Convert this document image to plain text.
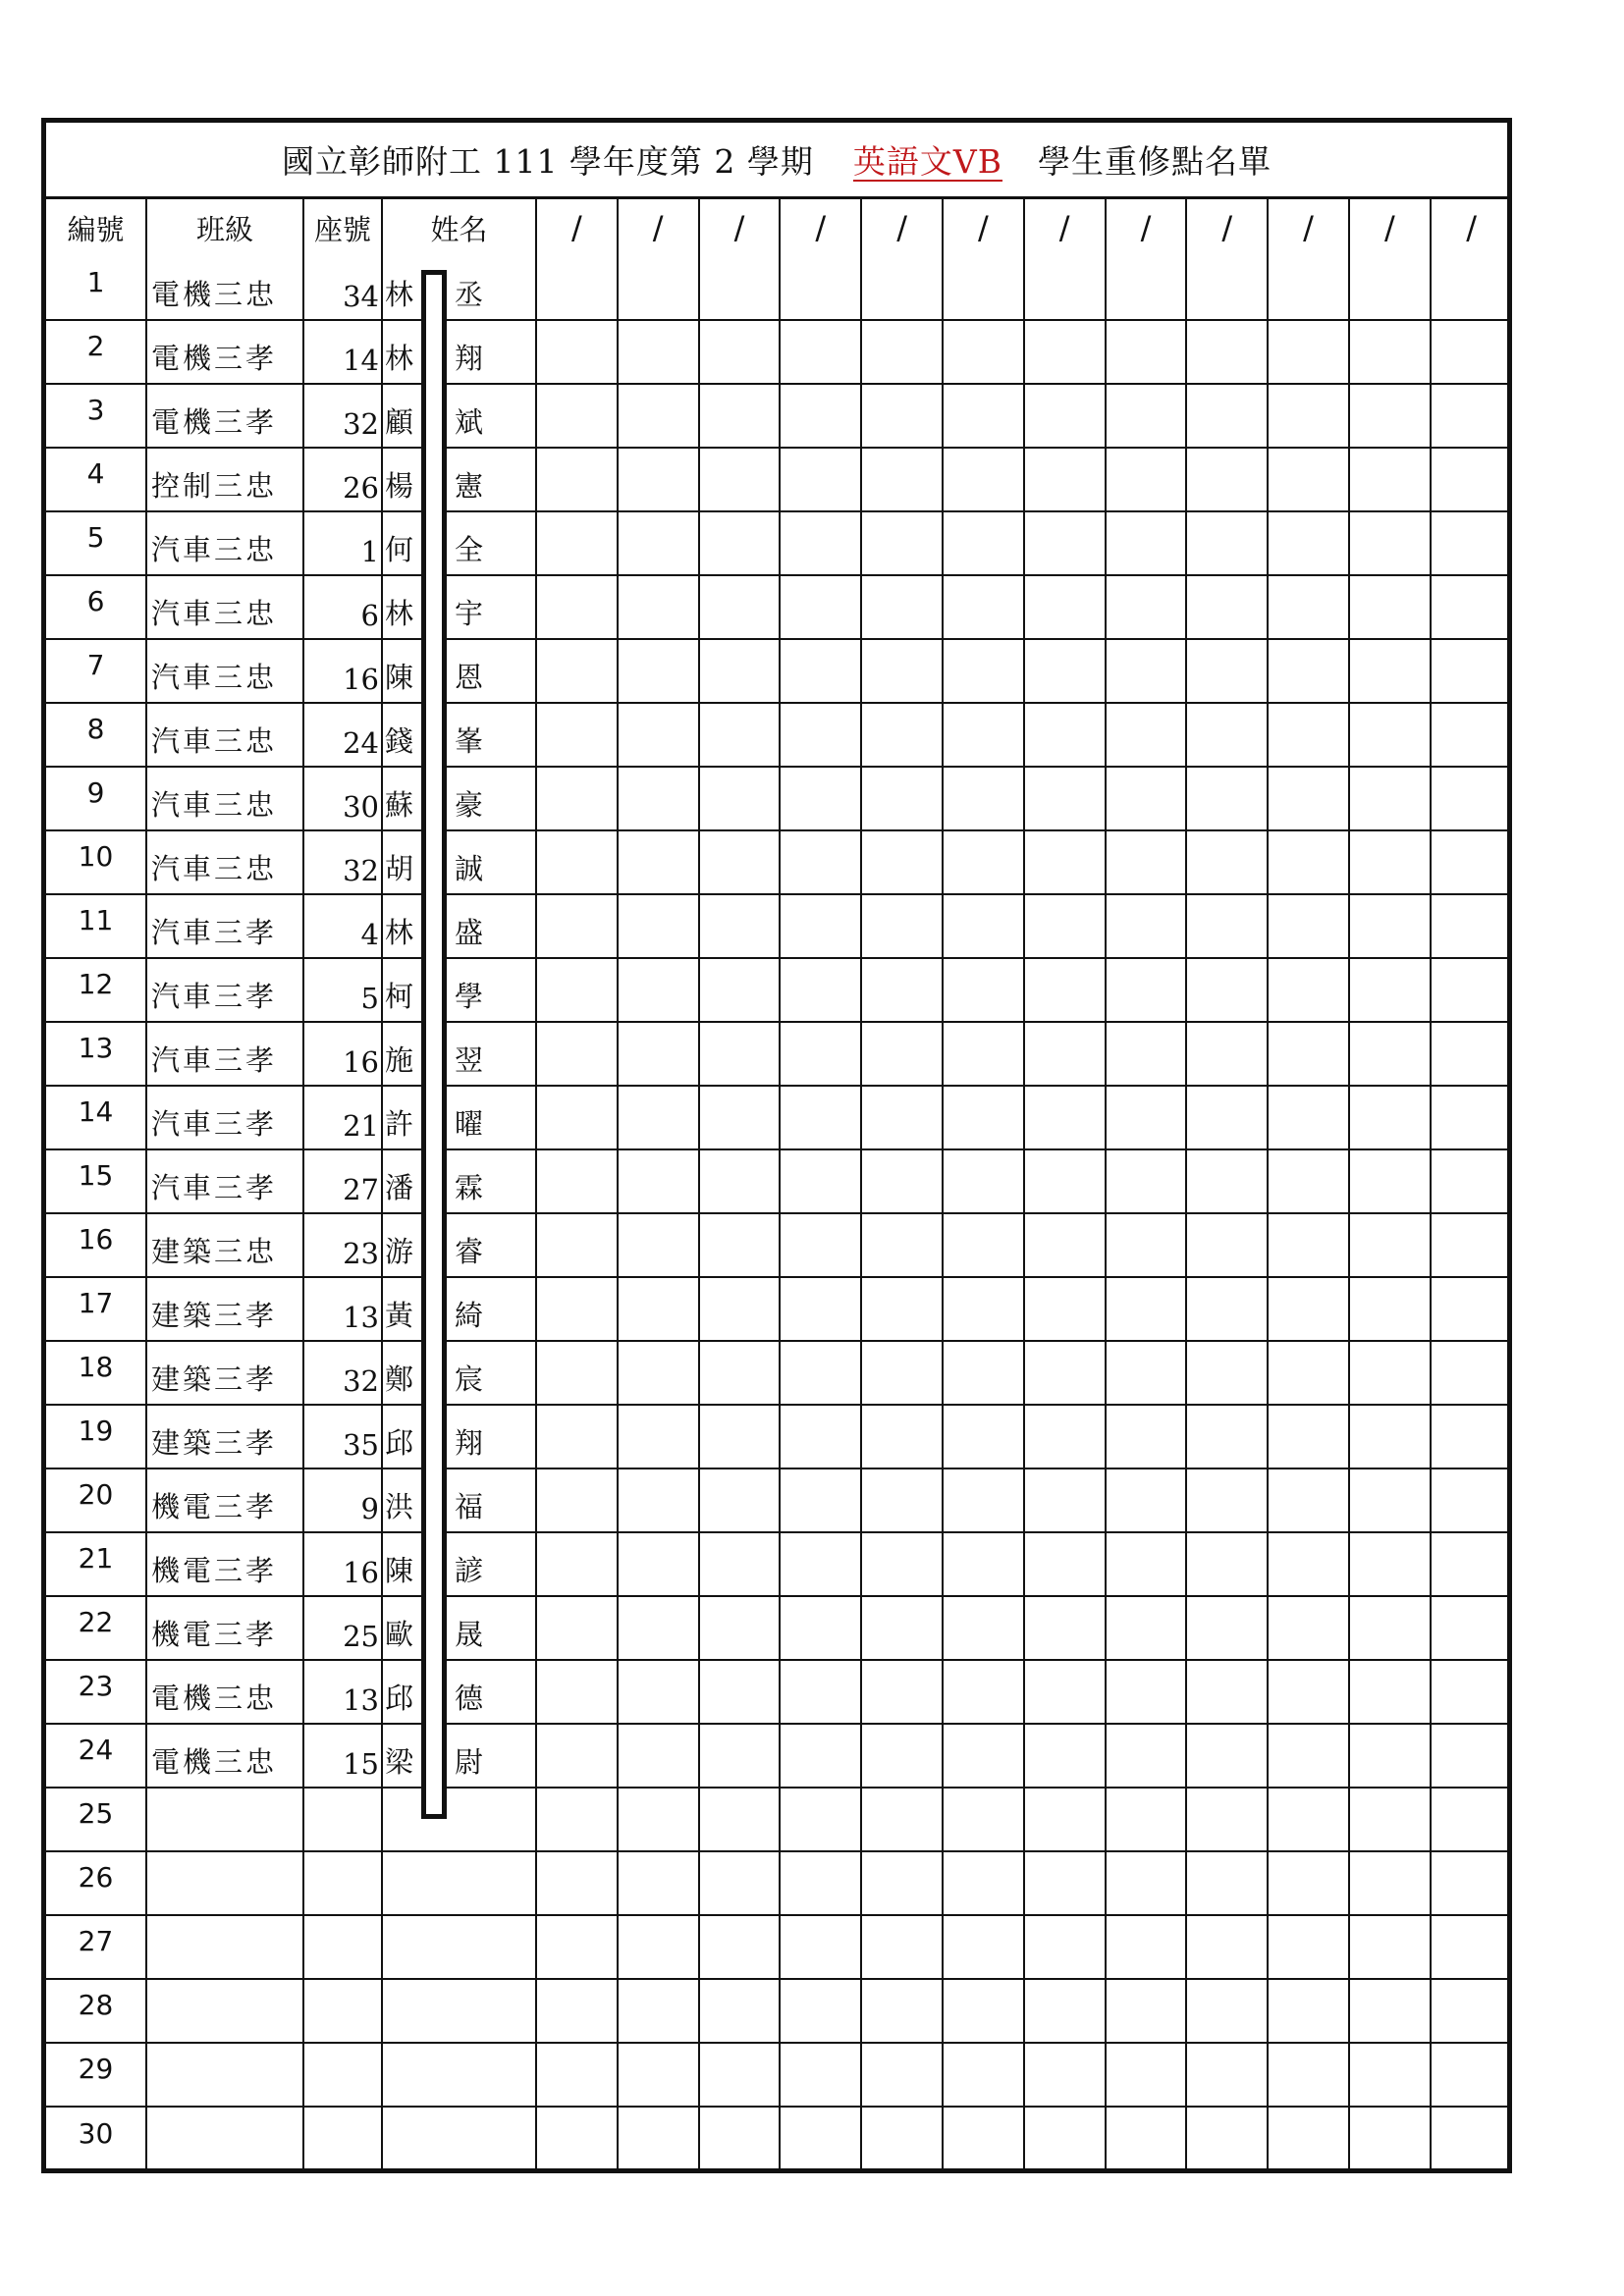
國立彰師附工 111 學年度第 2 學期 英語文ⅤB 學生重修點名單
編號	班級	座號	姓名	/	/	/	/	/	/	/	/	/	/	/	/
1	電機三忠	34	林 丞												

2	電機三孝	14	林 翔												

3	電機三孝	32	顧 斌												

4	控制三忠	26	楊 憲												

5	汽車三忠	1	何 全												

6	汽車三忠	6	林 宇												

7	汽車三忠	16	陳 恩												

8	汽車三忠	24	錢 峯												

9	汽車三忠	30	蘇 豪												

10	汽車三忠	32	胡 誠												

11	汽車三孝	4	林 盛												

12	汽車三孝	5	柯 學												

13	汽車三孝	16	施 翌												

14	汽車三孝	21	許 曜												

15	汽車三孝	27	潘 霖												

16	建築三忠	23	游 睿												

17	建築三孝	13	黃 綺												

18	建築三孝	32	鄭 宸												

19	建築三孝	35	邱 翔												

20	機電三孝	9	洪 福												

21	機電三孝	16	陳 諺												

22	機電三孝	25	歐 晟												

23	電機三忠	13	邱 德												

24	電機三忠	15	梁 尉												

25			

26			

27			

28			

29			

30			
